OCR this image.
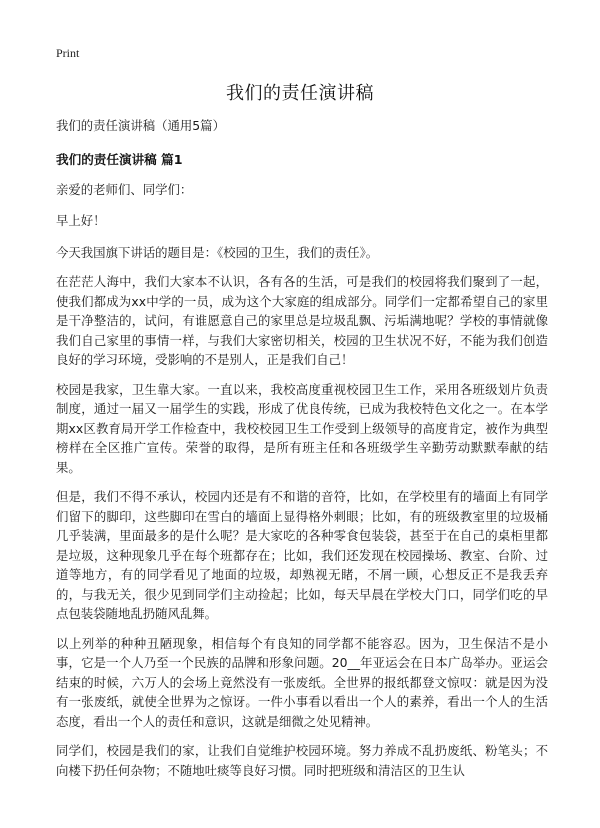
Print
我们的责任演讲稿

我们的责任演讲稿（通用5篇）

我们的责任演讲稿 篇1

亲爱的老师们、同学们：

早上好！

今天我国旗下讲话的题目是：《校园的卫生，我们的责任》。

在茫茫人海中，我们大家本不认识，各有各的生活，可是我们的校园将我们聚到了一起，使我们都成为xx中学的一员，成为这个大家庭的组成部分。同学们一定都希望自己的家里是干净整洁的，试问，有谁愿意自己的家里总是垃圾乱飘、污垢满地呢？学校的事情就像我们自己家里的事情一样，与我们大家密切相关，校园的卫生状况不好，不能为我们创造良好的学习环境，受影响的不是别人，正是我们自己！

校园是我家，卫生靠大家。一直以来，我校高度重视校园卫生工作，采用各班级划片负责制度，通过一届又一届学生的实践，形成了优良传统，已成为我校特色文化之一。在本学期xx区教育局开学工作检查中，我校校园卫生工作受到上级领导的高度肯定，被作为典型榜样在全区推广宣传。荣誉的取得，是所有班主任和各班级学生辛勤劳动默默奉献的结果。

但是，我们不得不承认，校园内还是有不和谐的音符，比如，在学校里有的墙面上有同学们留下的脚印，这些脚印在雪白的墙面上显得格外刺眼；比如，有的班级教室里的垃圾桶几乎装满，里面最多的是什么呢？是大家吃的各种零食包装袋，甚至于在自己的桌柜里都是垃圾，这种现象几乎在每个班都存在；比如，我们还发现在校园操场、教室、台阶、过道等地方，有的同学看见了地面的垃圾，却熟视无睹，不屑一顾，心想反正不是我丢弃的，与我无关，很少见到同学们主动捡起；比如，每天早晨在学校大门口，同学们吃的早点包装袋随地乱扔随风乱舞。

以上列举的种种丑陋现象，相信每个有良知的同学都不能容忍。因为，卫生保洁不是小事，它是一个人乃至一个民族的品牌和形象问题。20__年亚运会在日本广岛举办。亚运会结束的时候，六万人的会场上竟然没有一张废纸。全世界的报纸都登文惊叹：就是因为没有一张废纸，就使全世界为之惊讶。一件小事看以看出一个人的素养，看出一个人的生活态度，看出一个人的责任和意识，这就是细微之处见精神。

同学们，校园是我们的家，让我们自觉维护校园环境。努力养成不乱扔废纸、粉笔头；不向楼下扔任何杂物；不随地吐痰等良好习惯。同时把班级和清洁区的卫生认
